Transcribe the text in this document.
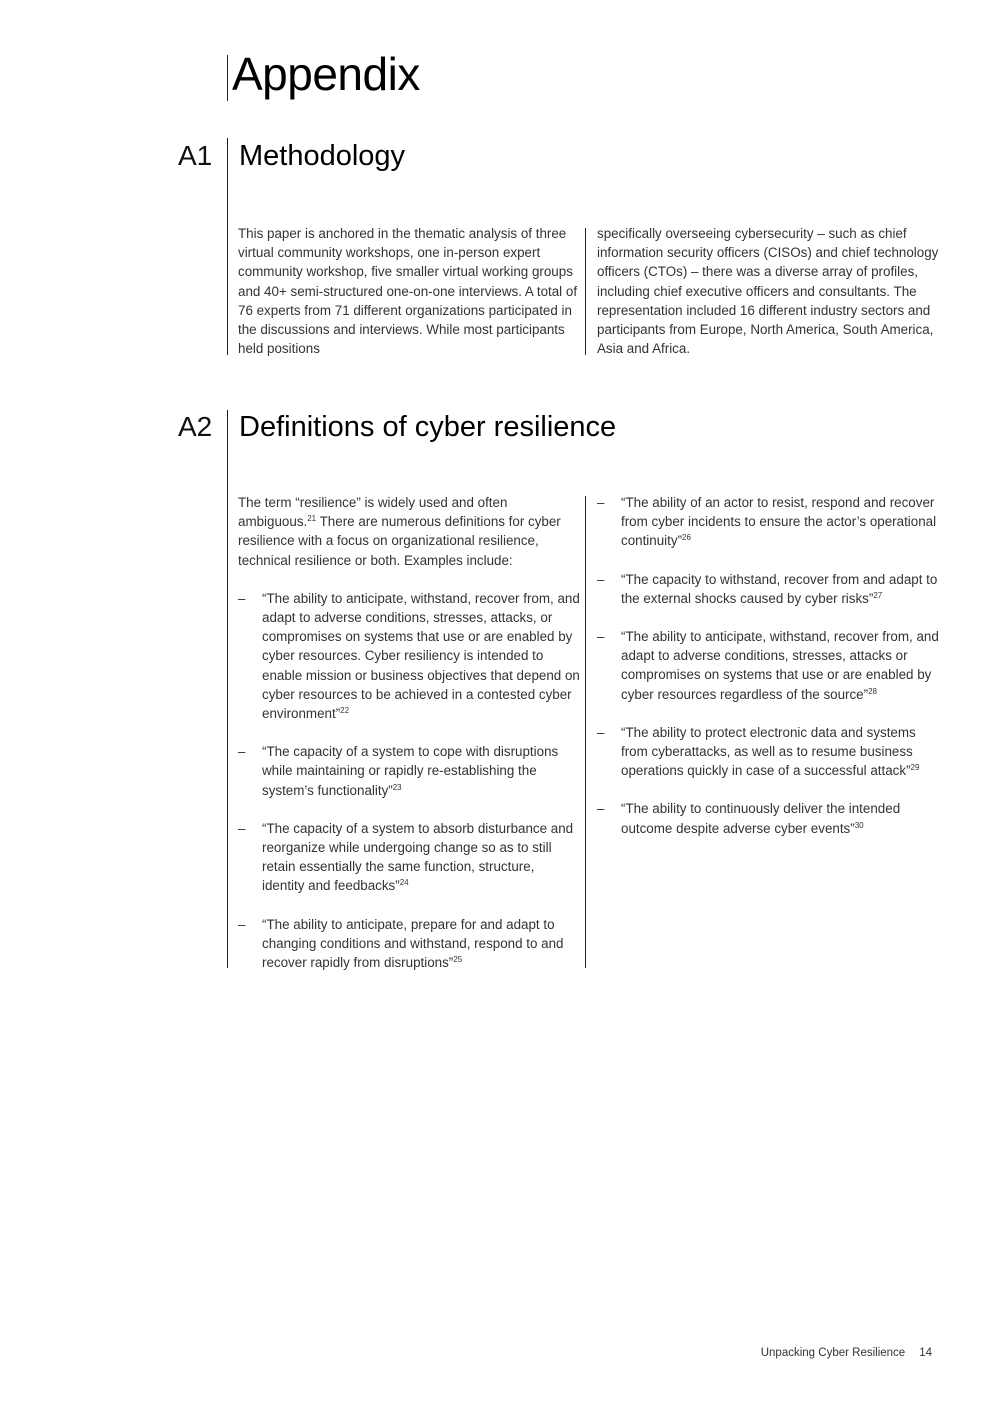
Appendix
A1 Methodology

This paper is anchored in the thematic analysis of three virtual community workshops, one in-person expert community workshop, five smaller virtual working groups and 40+ semi-structured one-on-one interviews. A total of 76 experts from 71 different organizations participated in the discussions and interviews. While most participants held positions

specifically overseeing cybersecurity – such as chief information security officers (CISOs) and chief technology officers (CTOs) – there was a diverse array of profiles, including chief executive officers and consultants. The representation included 16 different industry sectors and participants from Europe, North America, South America, Asia and Africa.

A2 Definitions of cyber resilience

The term “resilience” is widely used and often ambiguous.$^{21}$ There are numerous definitions for cyber resilience with a focus on organizational resilience, technical resilience or both. Examples include:

– “The ability to anticipate, withstand, recover from, and adapt to adverse conditions, stresses, attacks, or compromises on systems that use or are enabled by cyber resources. Cyber resiliency is intended to enable mission or business objectives that depend on cyber resources to be achieved in a contested cyber environment”$^{22}$
– “The capacity of a system to cope with disruptions while maintaining or rapidly re-establishing the system’s functionality”$^{23}$
– “The capacity of a system to absorb disturbance and reorganize while undergoing change so as to still retain essentially the same function, structure, identity and feedbacks”$^{24}$
– “The ability to anticipate, prepare for and adapt to changing conditions and withstand, respond to and recover rapidly from disruptions”$^{25}$
– “The ability of an actor to resist, respond and recover from cyber incidents to ensure the actor’s operational continuity”$^{26}$
– “The capacity to withstand, recover from and adapt to the external shocks caused by cyber risks”$^{27}$
– “The ability to anticipate, withstand, recover from, and adapt to adverse conditions, stresses, attacks or compromises on systems that use or are enabled by cyber resources regardless of the source”$^{28}$
– “The ability to protect electronic data and systems from cyberattacks, as well as to resume business operations quickly in case of a successful attack”$^{29}$
– “The ability to continuously deliver the intended outcome despite adverse cyber events”$^{30}$
Unpacking Cyber Resilience 14
